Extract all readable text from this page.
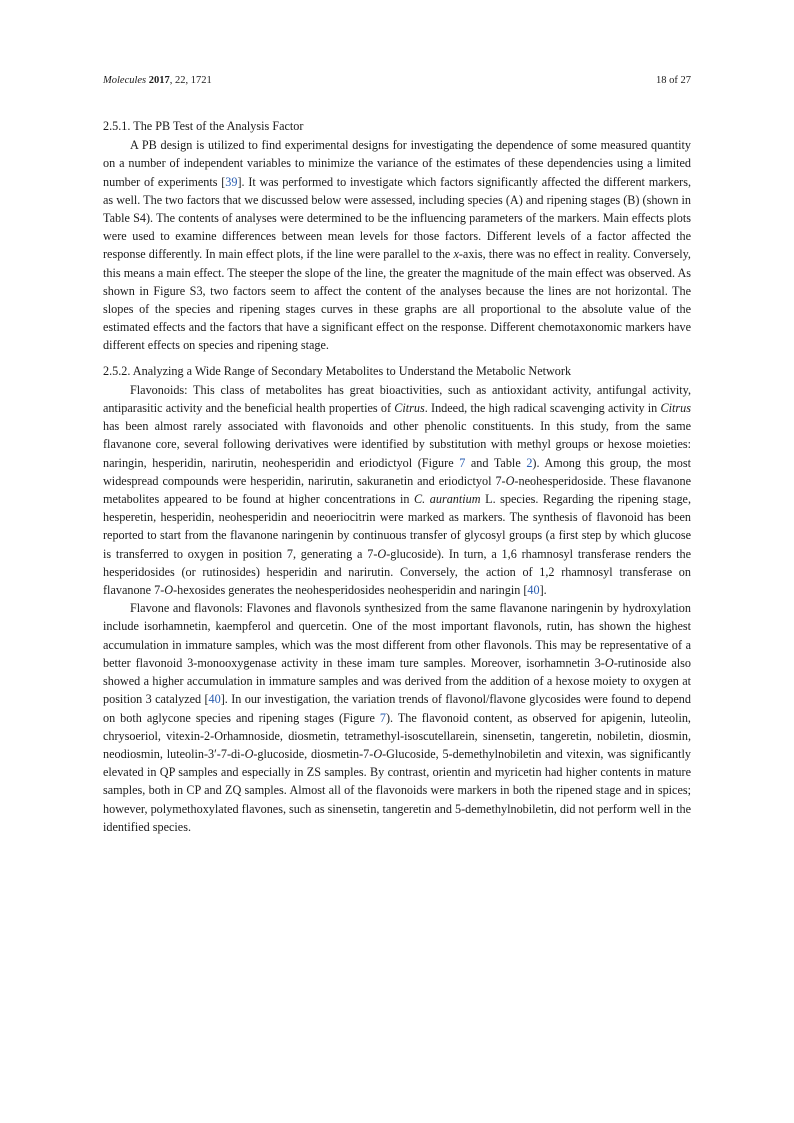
Molecules 2017, 22, 1721	18 of 27
2.5.1. The PB Test of the Analysis Factor

A PB design is utilized to find experimental designs for investigating the dependence of some measured quantity on a number of independent variables to minimize the variance of the estimates of these dependencies using a limited number of experiments [39]. It was performed to investigate which factors significantly affected the different markers, as well. The two factors that we discussed below were assessed, including species (A) and ripening stages (B) (shown in Table S4). The contents of analyses were determined to be the influencing parameters of the markers. Main effects plots were used to examine differences between mean levels for those factors. Different levels of a factor affected the response differently. In main effect plots, if the line were parallel to the x-axis, there was no effect in reality. Conversely, this means a main effect. The steeper the slope of the line, the greater the magnitude of the main effect was observed. As shown in Figure S3, two factors seem to affect the content of the analyses because the lines are not horizontal. The slopes of the species and ripening stages curves in these graphs are all proportional to the absolute value of the estimated effects and the factors that have a significant effect on the response. Different chemotaxonomic markers have different effects on species and ripening stage.

2.5.2. Analyzing a Wide Range of Secondary Metabolites to Understand the Metabolic Network

Flavonoids: This class of metabolites has great bioactivities, such as antioxidant activity, antifungal activity, antiparasitic activity and the beneficial health properties of Citrus. Indeed, the high radical scavenging activity in Citrus has been almost rarely associated with flavonoids and other phenolic constituents. In this study, from the same flavanone core, several following derivatives were identified by substitution with methyl groups or hexose moieties: naringin, hesperidin, narirutin, neohesperidin and eriodictyol (Figure 7 and Table 2). Among this group, the most widespread compounds were hesperidin, narirutin, sakuranetin and eriodictyol 7-O-neohesperidoside. These flavanone metabolites appeared to be found at higher concentrations in C. aurantium L. species. Regarding the ripening stage, hesperetin, hesperidin, neohesperidin and neoeriocitrin were marked as markers. The synthesis of flavonoid has been reported to start from the flavanone naringenin by continuous transfer of glycosyl groups (a first step by which glucose is transferred to oxygen in position 7, generating a 7-O-glucoside). In turn, a 1,6 rhamnosyl transferase renders the hesperidosides (or rutinosides) hesperidin and narirutin. Conversely, the action of 1,2 rhamnosyl transferase on flavanone 7-O-hexosides generates the neohesperidosides neohesperidin and naringin [40].

Flavone and flavonols: Flavones and flavonols synthesized from the same flavanone naringenin by hydroxylation include isorhamnetin, kaempferol and quercetin. One of the most important flavonols, rutin, has shown the highest accumulation in immature samples, which was the most different from other flavonols. This may be representative of a better flavonoid 3-monooxygenase activity in these imam ture samples. Moreover, isorhamnetin 3-O-rutinoside also showed a higher accumulation in immature samples and was derived from the addition of a hexose moiety to oxygen at position 3 catalyzed [40]. In our investigation, the variation trends of flavonol/flavone glycosides were found to depend on both aglycone species and ripening stages (Figure 7). The flavonoid content, as observed for apigenin, luteolin, chrysoeriol, vitexin-2-Orhamnoside, diosmetin, tetramethyl-isoscutellarein, sinensetin, tangeretin, nobiletin, diosmin, neodiosmin, luteolin-3′-7-di-O-glucoside, diosmetin-7-O-Glucoside, 5-demethylnobiletin and vitexin, was significantly elevated in QP samples and especially in ZS samples. By contrast, orientin and myricetin had higher contents in mature samples, both in CP and ZQ samples. Almost all of the flavonoids were markers in both the ripened stage and in spices; however, polymethoxylated flavones, such as sinensetin, tangeretin and 5-demethylnobiletin, did not perform well in the identified species.
